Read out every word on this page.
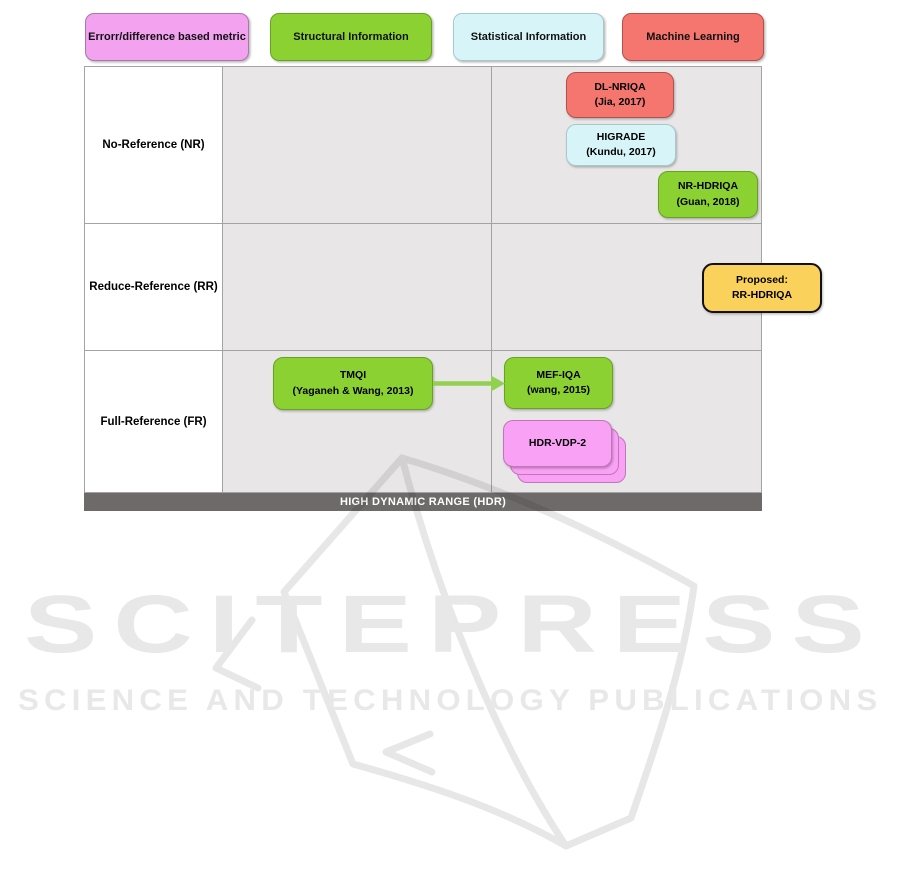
Errorr/difference based metric	Structural Information	Statistical Information	Machine Learning
No-Reference (NR)
Reduce-Reference (RR)
Full-Reference (FR)
HIGH DYNAMIC RANGE (HDR)
DL-NRIQA
(Jia, 2017)
HIGRADE
(Kundu, 2017)
NR-HDRIQA
(Guan, 2018)
Proposed:
RR-HDRIQA
TMQI
(Yaganeh & Wang, 2013)
MEF-IQA
(wang, 2015)
HDR-VDP-2
SCITEPRESS
SCIENCE AND TECHNOLOGY PUBLICATIONS
